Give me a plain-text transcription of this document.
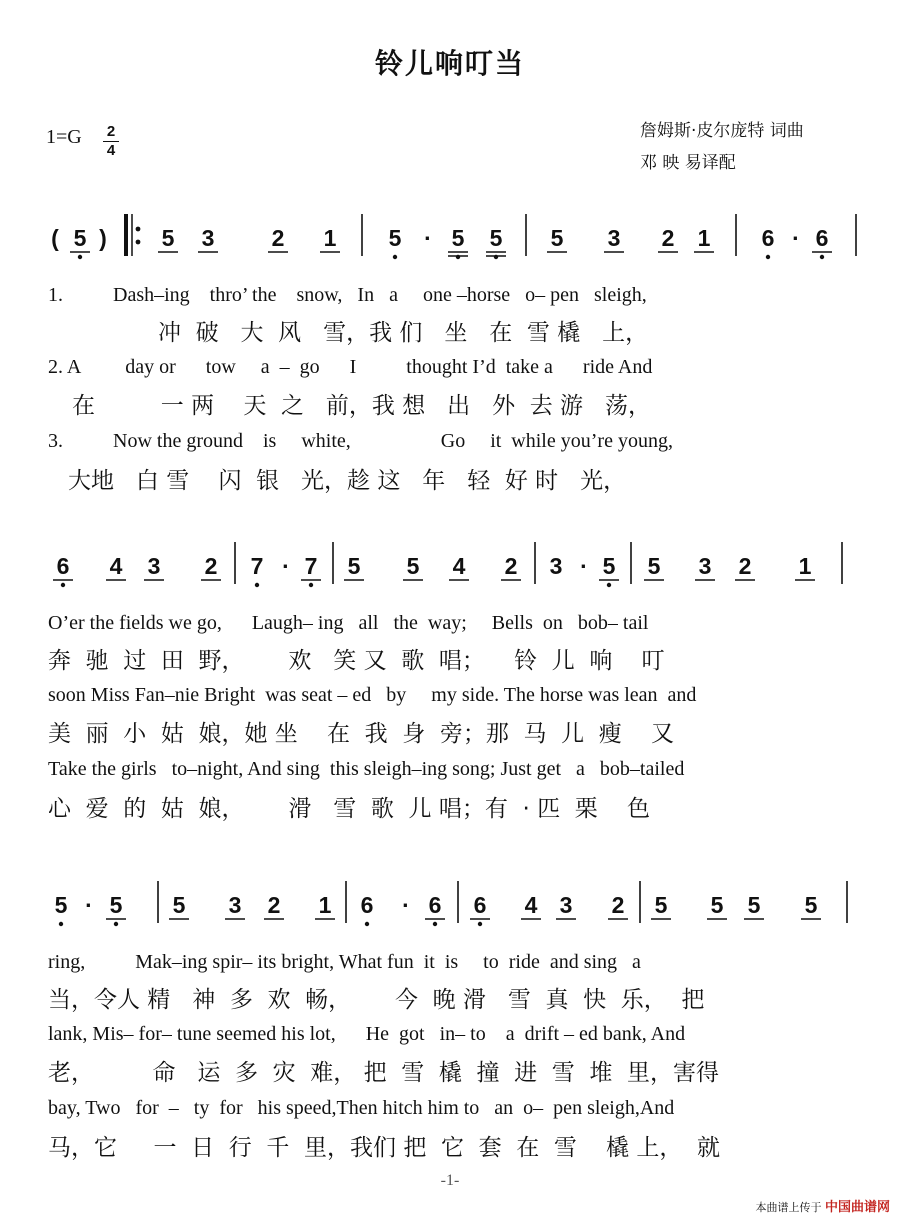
铃儿响叮当
1=G 2
4
詹姆斯·皮尔庞特 词曲
邓 映 易译配
( 5 ) 5 3 2 1 5 · 5 5 5 3 2 1 6 · 6
6 4 3 2 7 · 7 5 5 4 2 3 · 5 5 3 2 1
5 · 5 5 3 2 1 6 · 6 6 4 3 2 5 5 5 5
1.          Dash–ing    thro’ the    snow,   In   a     one –horse   o– pen   sleigh,
冲  破   大  风   雪，我 们   坐   在  雪 橇   上，
2. A         day or      tow     a  –  go      I          thought I’d  take a      ride And
在         一 两    天  之   前，我 想   出   外  去 游   荡，
3.          Now the ground    is     white,                  Go     it  while you’re young,
大地   白 雪    闪  银   光，趁 这   年   轻  好 时   光，
O’er the fields we go,      Laugh– ing   all   the  way;     Bells  on   bob– tail
奔  驰  过  田  野，      欢   笑 又  歌  唱；    铃  儿  响    叮
soon Miss Fan–nie Bright  was seat – ed   by     my side. The horse was lean  and
美  丽  小  姑  娘，她 坐    在  我  身  旁；那  马  儿  瘦    又
Take the girls   to–night, And sing  this sleigh–ing song; Just get   a   bob–tailed
心  爱  的  姑  娘，      滑   雪  歌  儿 唱；有  · 匹  栗    色
ring,          Mak–ing spir– its bright, What fun  it  is     to  ride  and sing   a
当，令人 精   神  多  欢  畅，      今  晚 滑   雪  真  快  乐，  把
lank, Mis– for– tune seemed his lot,      He  got   in– to    a  drift – ed bank, And
老，        命   运  多  灾  难， 把  雪  橇  撞  进  雪  堆  里，害得
bay, Two   for  –   ty  for   his speed,Then hitch him to   an  o–  pen sleigh,And
马，它     一  日  行  千  里，我们 把  它  套  在  雪    橇 上，  就
-1-
本曲谱上传于 中国曲谱网
